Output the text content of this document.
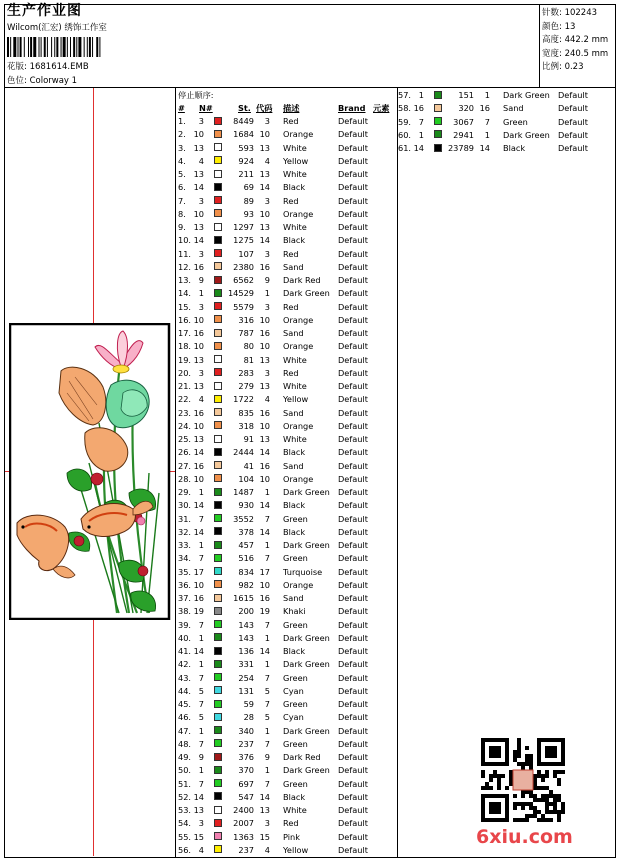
生产作业图
Wilcom(汇宏) 绣饰工作室
花版: 1681614.EMB
色位: Colorway 1
针数: 102243
颜色: 13
高度: 442.2 mm
宽度: 240.5 mm
比例: 0.23
停止顺序:
# N#	St. 代码 描述	Brand 元素
1.	3	8449	3 Red	Default
2. 10	1684 10 Orange	Default
3. 13	593 13 White	Default
4.	4	924	4 Yellow	Default
5. 13	211 13 White	Default
6. 14	69 14 Black	Default
7.	3	89	3 Red	Default
8. 10	93 10 Orange	Default
9. 13	1297 13 White	Default
10. 14	1275 14 Black	Default
11. 3	107	3 Red	Default
12. 16	2380 16 Sand	Default
13. 9	6562	9 Dark Red Default
14. 1	14529	1 Dark Green Default
15. 3	5579	3 Red	Default
16. 10	316 10 Orange	Default
17. 16	787 16 Sand	Default
18. 10	80 10 Orange	Default
19. 13	81 13 White	Default
20. 3	283	3 Red	Default
21. 13	279 13 White	Default
22. 4	1722	4 Yellow	Default
23. 16	835 16 Sand	Default
24. 10	318 10 Orange	Default
25. 13	91 13 White	Default
26. 14	2444 14 Black	Default
27. 16	41 16 Sand	Default
28. 10	104 10 Orange	Default
29. 1	1487	1 Dark Green Default
30. 14	930 14 Black	Default
31. 7	3552	7 Green	Default
32. 14	378 14 Black	Default
33. 1	457	1 Dark Green Default
34. 7	516	7 Green	Default
35. 17	834 17 Turquoise Default
36. 10	982 10 Orange	Default
37. 16	1615 16 Sand	Default
38. 19	200 19 Khaki	Default
39. 7	143	7 Green	Default
40. 1	143	1 Dark Green Default
41. 14	136 14 Black	Default
42. 1	331	1 Dark Green Default
43. 7	254	7 Green	Default
44. 5	131	5 Cyan	Default
45. 7	59	7 Green	Default
46. 5	28	5 Cyan	Default
47. 1	340	1 Dark Green Default
48. 7	237	7 Green	Default
49. 9	376	9 Dark Red Default
50. 1	370	1 Dark Green Default
51. 7	697	7 Green	Default
52. 14	547 14 Black	Default
53. 13	2400 13 White	Default
54. 3	2007	3 Red	Default
55. 15	1363 15 Pink	Default
56. 4	237	4 Yellow	Default
57. 1	151	1 Dark Green Default
58. 16	320 16 Sand	Default
59. 7	3067	7 Green	Default
60. 1	2941	1 Dark Green Default
61. 14	23789 14 Black	Default
6xiu.com
